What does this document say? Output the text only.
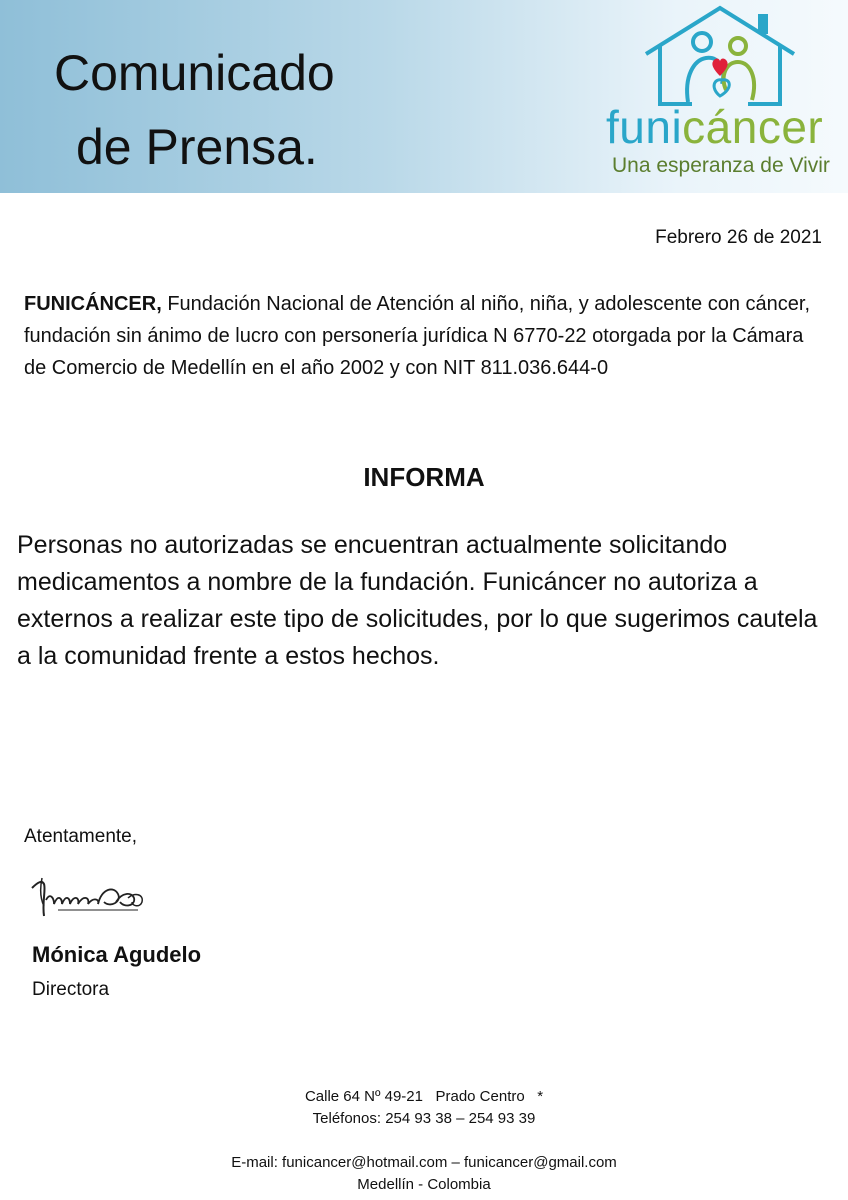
Comunicado
de Prensa.	funicáncer
Una esperanza de Vivir
Febrero 26 de 2021
FUNICÁNCER, Fundación Nacional de Atención al niño, niña, y adolescente con cáncer, fundación sin ánimo de lucro con personería jurídica N 6770-22 otorgada por la Cámara de Comercio de Medellín en el año 2002 y con NIT 811.036.644-0
INFORMA
Personas no autorizadas se encuentran actualmente solicitando medicamentos a nombre de la fundación. Funicáncer no autoriza a externos a realizar este tipo de solicitudes, por lo que sugerimos cautela a la comunidad frente a estos hechos.
Atentamente,
Mónica Agudelo
Directora
Calle 64 Nº 49-21   Prado Centro   *
Teléfonos: 254 93 38 – 254 93 39
E-mail: funicancer@hotmail.com – funicancer@gmail.com
Medellín - Colombia
